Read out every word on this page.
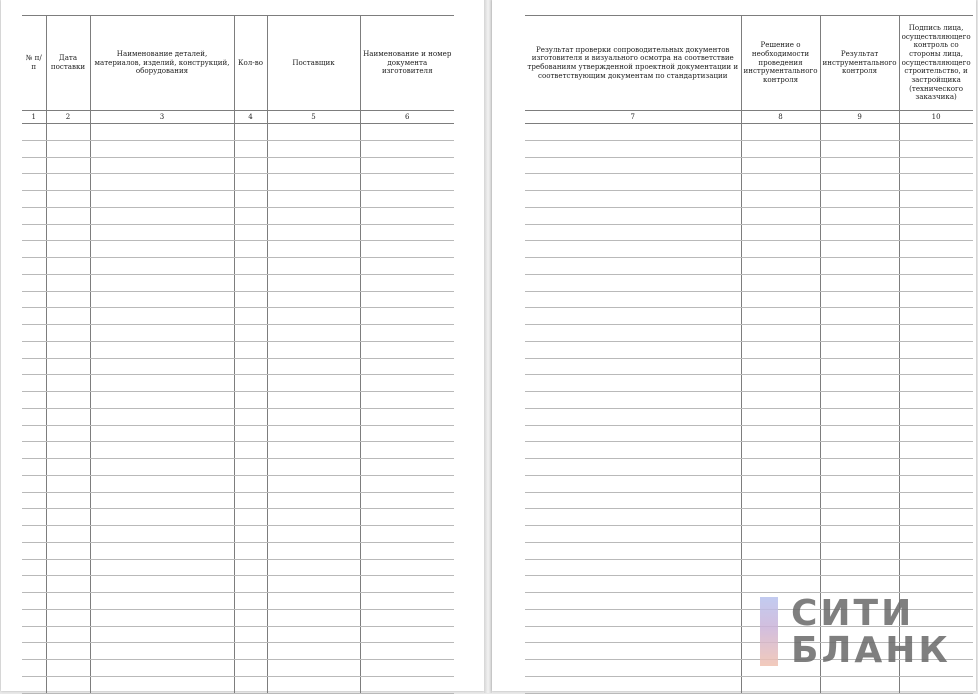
№ п/п	Дата поставки	Наименование деталей, материалов, изделий, конструкций, оборудования	Кол-во	Поставщик	Наименование и номер документа изготовителя
1	2	3	4	5	6

Результат проверки сопроводительных документов изготовителя и визуального осмотра на соответствие требованиям утвержденной проектной документации и соответствующим документам по стандартизации	Решение о необходимости проведения инструментального контроля	Результат инструментального контроля	Подпись лица, осуществляющего контроль со стороны лица, осуществляющего строительство, и застройщика (технического заказчика)
7	8	9	10

СИТИ
БЛАНК
